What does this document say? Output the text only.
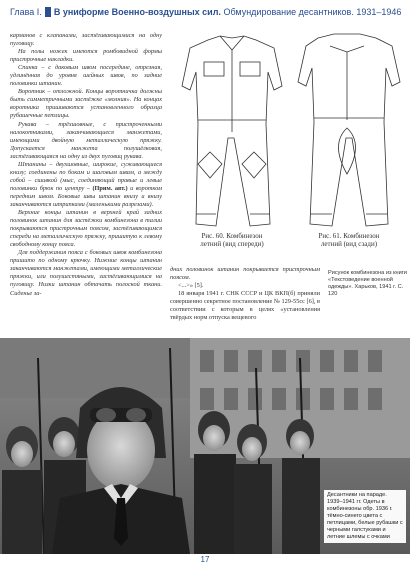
Глава I. В униформе Военно-воздушных сил.
Обмундирование десантников. 1931–1946

карманов с клапанами, застёгивающимися на одну пуговицу.

На полы ножек имеются ромбовидной формы пристрочные накладки.

Спинка – с даковым швом посередине, отрезная, удлинённая до уровня шейных швов, по задние половинки штанин.

Воротник – отложной. Концы воротничка должны быть симметричными застёжке «молния». На концах воротника пришиваются установленного образца рубашечные петлицы.

Рукава – трёхшовные, с пристроченными налокотниками, заканчивающиеся манжетами, имеющими двойную металлическую пряжку. Допускается манжета полушёлковая, застёгивающаяся на одну из двух пуговиц рукава.

Штанины – двухшовные, широкие, суживающиеся книзу; соединены по бокам и шаговым швам, а между собой – сшивкой (мыс, соединяющий правые и левые половинки брюк по центру – (Прим. авт.) и воротком передним швом. Боковые швы штанин внизу и внизу заканчиваются штрипками (маленькими разрезами).

Верхние концы штанин в верхней край задних половинок штанин для застёжки комбинезона в талии покрываются пристрочным поясом, застёгивающимся спереди на металлическую пряжку, пришитую к левому свободному концу пояса.

Для поддержания пояса с боковых швов комбинезона пришито по одному крючку. Нижние концы штанин заканчиваются манжетами, имеющими металлические пряжки, или полушестяными, застёгивающимися на пуговицу. Низки штанин обтачать полоской ткани. Сиденье за-

Рис. 60. Комбинезон
летний (вид спереди)
Рис. 61. Комбинезон
летний (вид сзади)

дних половинок штанин покрывается пристрочным поясом.

<...>» [5].

18 января 1941 г. СНК СССР и ЦК ВКП(б) приняли совершенно секретное постановление № 129-55сс [6], в соответствии с которым в целях «установления твёрдых норм отпуска вещевого

Рисунок комбинезона из книги «Текстоведение военной одежды». Харьков, 1941 г. С. 120
Десантники на параде. 1939–1941 гг. Одеты в комбинезоны обр. 1936 г. тёмно-синего цвета с петлицами, белые рубашки с черными галстуками и летние шлемы с очками
17
